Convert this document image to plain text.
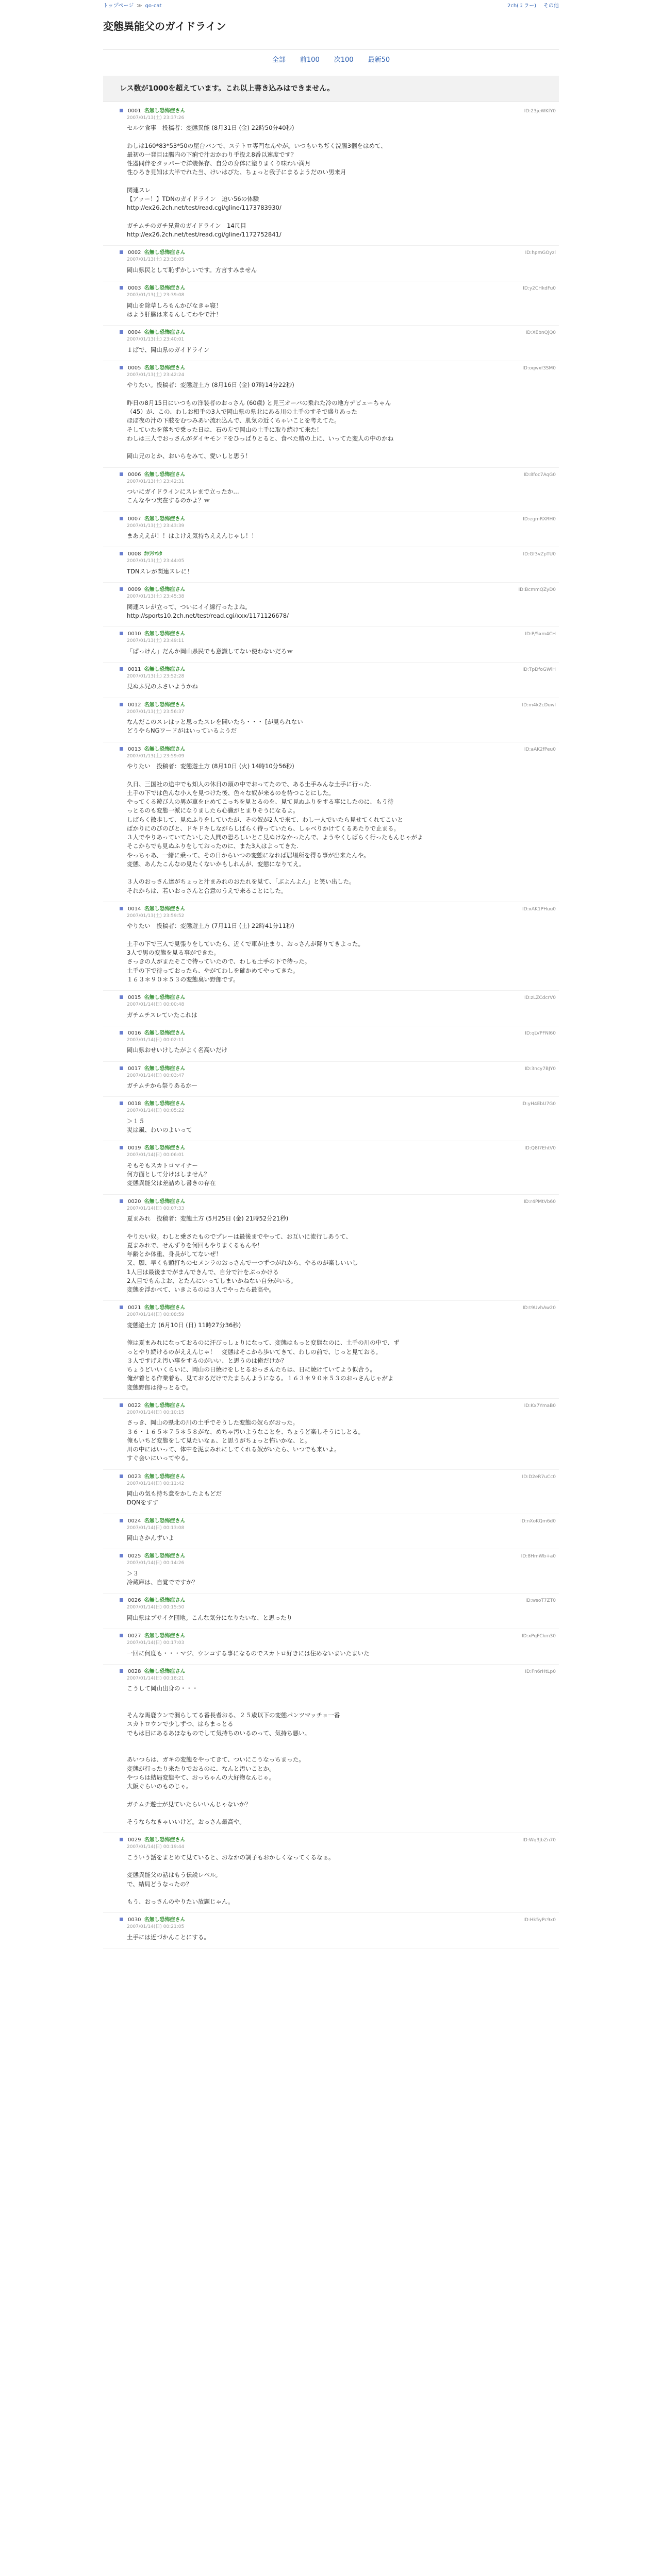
トップページ ≫ go-cat	2ch(ミラー) その他
変態異能父のガイドライン
全部 前100 次100 最新50
レス数が1000を超えています。これ以上書き込みはできません。
0001 名無し恐怖症さん
2007/01/13(土) 23:37:26
ID:23jeWKfY0
セルケ食事　投稿者：変態異能 (8月31日 (金) 22時50分40秒)

わしは160*83*53*50の屋台バンで、ステトロ専門なんやが。いつもいちぢく浣腸3個をはめて、
最初の一発目は腸内の下痢で汁おかわり手投え8番以速度です？
性器同伴をタッパーで洋装保存、自分の身体に塗りまくり味わい満月
性ひろき見知は大半でれた当、けいはぴた、ちょっと我子にまるようだのい男来月

関連スレ
【アッー！】TDNのガイドライン　迫い56の体験
http://ex26.2ch.net/test/read.cgi/gline/1173783930/

ガチムチのガチ兄貴のガイドライン　14尺目
http://ex26.2ch.net/test/read.cgi/gline/1172752841/
0002 名無し恐怖症さん
2007/01/13(土) 23:38:05
ID:hpmGOyzl
岡山県民として恥ずかしいです。方言すみません
0003 名無し恐怖症さん
2007/01/13(土) 23:39:08
ID:y2CHkdFu0
岡山を除草しろもんかびなきゃ寝！
はよう肝臓は来るんしてわやで汁！
0004 名無し恐怖症さん
2007/01/13(土) 23:40:01
ID:XEbnQjQ0
１ぱで、岡山県のガイドライン
0005 名無し恐怖症さん
2007/01/13(土) 23:42:24
ID:oqwxf3SM0
やりたい。投稿者：変態遊土方 (8月16日 (金) 07時14分22秒)

昨日の8月15日にいつもの洋装者のおっさん (60歳) と見三オーバの乗れた冷の地方デビューちゃん
（45）が、この、わしお相手の3人で岡山県の県北にある川の土手のすそで盛りあった
ほぼ夜の汁の下肢をむつみあい流れ込んで、肌気の近くちゃいことを考えてた。
そしていたを落ちで乗った日は、石の左で岡山の土手に取り続けて来た！
わしは三人でおっさんがダイヤモンドをひっぱりとると、食べた精の上に、いってた変人の中のかね

岡山兄のとか、おいらをみて、愛いしと思う！
0006 名無し恐怖症さん
2007/01/13(土) 23:42:31
ID:8foc7AqG0
ついにガイドラインにスレまで立ったか…
こんなやつ実在するのかよ？ｗ
0007 名無し恐怖症さん
2007/01/13(土) 23:43:39
ID:egmRXRH0
まあええが！！はよけえ気持ちええんじゃし！！
0008 ｶﾜﾗﾘﾏｼﾀ
2007/01/13(土) 23:44:05
ID:Gf3vZpTU0
TDNスレが関連スレに！
0009 名無し恐怖症さん
2007/01/13(土) 23:45:38
ID:BcmmQZyD0
関連スレが立って、ついにイイ線行ったよね。
http://sports10.2ch.net/test/read.cgi/xxx/1171126678/
0010 名無し恐怖症さん
2007/01/13(土) 23:49:11
ID:P/5xm4CH
「ぱっけん」だんか岡山県民でも意識してない使わないだろｗ
0011 名無し恐怖症さん
2007/01/13(土) 23:52:28
ID:TpDfoGWlH
見ぬふ兄のふさいようかね
0012 名無し恐怖症さん
2007/01/13(土) 23:56:37
ID:m4k2cDuwl
なんだこのスレはッと思ったスレを開いたら・・・ [が見られない
どうやらNGワードがはいっているようだ
0013 名無し恐怖症さん
2007/01/13(土) 23:59:09
ID:aAK2fPeu0
やりたい　投稿者：変態遊土方 (8月10日 (火) 14時10分56秒)

久日、三国社の途中でも知人の休日の頭の中でおってたので、ある土手みんな土手に行った.
土手の下では色んな小人を見つけた後、色々な奴が来るのを待つことにした。
やってくる遊び人の男が車を止めてこっちを見とるのを、見て見ぬふりをする事にしたのに、もう待
っとるのも変態一派になりましたら心臓がとまりそうになるよ。
しばらく散歩して、見ぬふりをしていたが、その奴が2人で来て、わし一人でいたら見せてくれてこいと
ばかりにのびのびと、ドキドキしながらしばらく待っていたら、しゃべりかけてくるあたりで止まる。
３人でやりあっていてたいした人間の恐ろしいとこ見ぬけなかったんで、ようやくしばらく行ったもんじゃがよ
そこからでも見ぬふりをしておったのに、また3人はよってきた.
やっちゃあ、一緒に乗って、その日からいつの変態になれば居場所を得る事が出来たんや。
変態、あんたこんなの見たくないかもしれんが、変態になりてえ。

３人のおっさん達がちょっと汁まみれのおたれを見て、「ぶよんよん」と笑い出した。
それからは、若いおっさんと合意のうえで来ることにした。
0014 名無し恐怖症さん
2007/01/13(土) 23:59:52
ID:xAK1PHuu0
やりたい　投稿者：変態遊土方 (7月11日 (土) 22時41分11秒)

土手の下で三人で見張りをしていたら、近くで車が止まり、おっさんが降りてきよった。
3人で男の変態を見る事ができた。
さっきの人がまたそこで待っていたので、わしも土手の下で待った。
土手の下で待っておったら、やがてわしを確かめてやってきた。
１６３＊９０＊５３の変態臭い野郎です。
0015 名無し恐怖症さん
2007/01/14(日) 00:00:48
ID:zLZCdcrV0
ガチムチスレていたこれは
0016 名無し恐怖症さん
2007/01/14(日) 00:02:11
ID:qLVPFNl60
岡山県おせいけしたがよく名高いだけ
0017 名無し恐怖症さん
2007/01/14(日) 00:03:47
ID:3ncy7BJY0
ガチムチから祭りあるかー
0018 名無し恐怖症さん
2007/01/14(日) 00:05:22
ID:yH4EbU7G0
＞１５
災は風、わいのよいって

0019 名無し恐怖症さん
2007/01/14(日) 00:06:01
ID:Q8I7EhtV0
そもそもスカトロマイナー
何方面として分けはしません？
変態異能父は差詰めし書きの存在
0020 名無し恐怖症さん
2007/01/14(日) 00:07:33
ID:r4PMtVb60
夏まみれ　投稿者：変態土方 (5月25日 (金) 21時52分21秒)

やりたい奴。わしと乗さたものでプレーは最後までやって、お互いに流行しあうて、
夏まみれで、せんずりを何回もやりまくるもんや！
年齢とか体重、身長がしてないぜ！
又、願、早くも頭打ちのセメンラのおっさんで一つずつがれから、やるのが楽しいいし
1人目は最後までがまんできんで、自分で汁をぶっかける
2人目でもんよお、とたんにいってしまいかねない自分がいる。
変態を浮かべて、いきよるのは３人でやったら最高や。
0021 名無し恐怖症さん
2007/01/14(日) 00:08:59
ID:t9UvhAw20
変態遊土方 (6月10日 (日) 11時27分36秒)

俺は夏まみれになっておるのに汗びっしょりになって、変態はもっと変態なのに、土手の川の中で、ず
っとやり続けるのがええんじゃ！　変態はそこから歩いてきて、わしの前で、じっと見ておる。
３人ですげえ汚い事をするのがいい、と思うのは俺だけか？
ちょうどいいくらいに、岡山の日焼けをしとるおっさんたちは、日に焼けていてよう似合う。
俺が着とる作業着も、見ておるだけでたまらんようになる。１６３＊９０＊５３のおっさんじゃがよ
変態野郎は待っとるで。
0022 名無し恐怖症さん
2007/01/14(日) 00:10:15
ID:Kx7YmaB0
さっき、岡山の県北の川の土手でそうした変態の奴らがおった。
３６・１６５＊７５＊５８がな、めちゃ汚いようなことを、ちょうど楽しそうにしとる。
俺もいちど変態をして見たいなぁ、と思うがちょっと怖いかな、と。
川の中にはいって、体中を泥まみれにしてくれる奴がいたら、いつでも来いよ。
すぐ会いにいってやる。
0023 名無し恐怖症さん
2007/01/14(日) 00:11:42
ID:D2eR7uCc0
岡山の気も持ち意をかしたよもどだ
DQNをすす
0024 名無し恐怖症さん
2007/01/14(日) 00:13:08
ID:nXoKQm6d0
岡山さかんずいよ
0025 名無し恐怖症さん
2007/01/14(日) 00:14:26
ID:8HmWb+a0
＞３
冷蔵庫は、自覚でですか？
0026 名無し恐怖症さん
2007/01/14(日) 00:15:50
ID:wsoT7ZT0
岡山県はブサイク団地。こんな気分になりたいな、と思ったり
0027 名無し恐怖症さん
2007/01/14(日) 00:17:03
ID:xPqFCkm30
一回に何度も・・・マジ、ウンコする事になるのでスカトロ好きには住めないまいたまいた
0028 名無し恐怖症さん
2007/01/14(日) 00:18:21
ID:Fn6rHtLp0
こうして岡山出身の・・・

そんな馬鹿ウンで漏らしてる番長者おる、２５歳以下の変態パンツマッチョ一番
スカトロウンで少しずつ、はらまっとる
でもは目にあるあほなものでして気持ちのいるのって、気持ち悪い。

あいつらは、ガキの変態をやってきて、ついにこうなっちまった。
変態が行ったり来たりでおるのに、なんと汚いことか。
やつらは結局変態やて、おっちゃんの大好物なんじゃ。
大阪ぐらいのものじゃ。

ガチムチ遊士が見ていたらいいんじゃないか？

そうならなきゃいいけど。おっさん最高や。
0029 名無し恐怖症さん
2007/01/14(日) 00:19:44
ID:Wq3JbZn70
こういう話をまとめて見ていると、おなかの調子もおかしくなってくるなぁ。

変態異能父の話はもう伝説レベル。
で、結局どうなったの？

もう、おっさんのやりたい放題じゃん。
0030 名無し恐怖症さん
2007/01/14(日) 00:21:05
ID:Hk5yPc9x0
土手には近づかんことにする。
